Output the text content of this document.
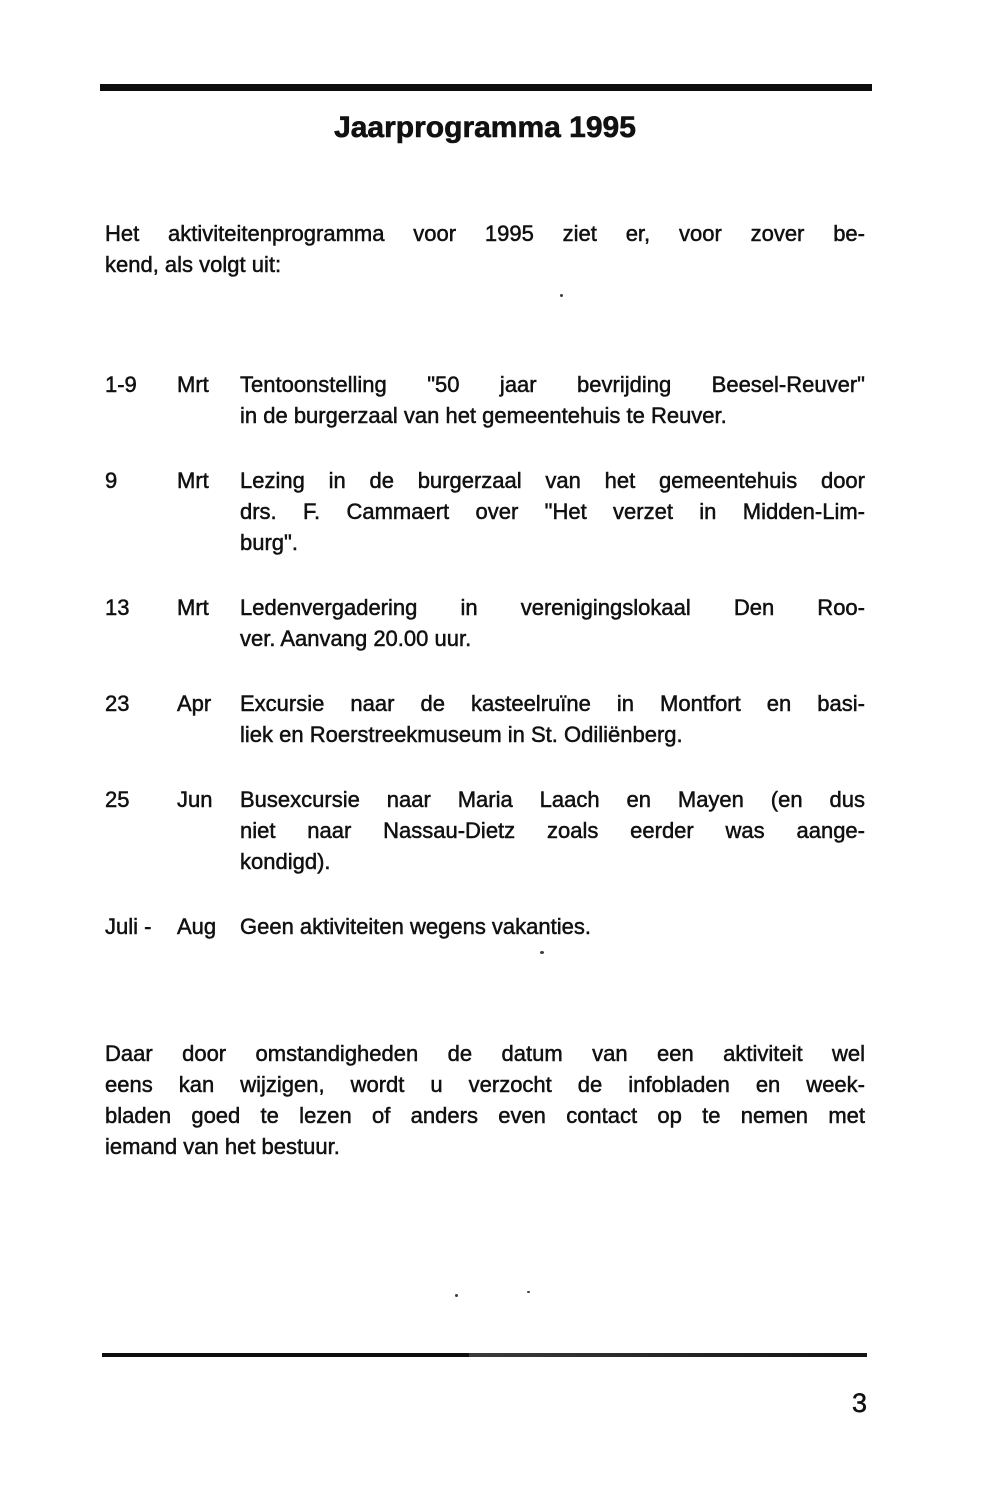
Jaarprogramma 1995
Het aktiviteitenprogramma voor 1995 ziet er, voor zover be-
kend, als volgt uit:
1-9	Mrt	Tentoonstelling "50 jaar bevrijding Beesel-Reuver"
in de burgerzaal van het gemeentehuis te Reuver.
9	Mrt	Lezing in de burgerzaal van het gemeentehuis door
drs. F. Cammaert over "Het verzet in Midden-Lim-
burg".
13	Mrt	Ledenvergadering in verenigingslokaal Den Roo-
ver. Aanvang 20.00 uur.
23	Apr	Excursie naar de kasteelruïne in Montfort en basi-
liek en Roerstreekmuseum in St. Odiliënberg.
25	Jun	Busexcursie naar Maria Laach en Mayen (en dus
niet naar Nassau-Dietz zoals eerder was aange-
kondigd).
Juli -	Aug	Geen aktiviteiten wegens vakanties.
Daar door omstandigheden de datum van een aktiviteit wel
eens kan wijzigen, wordt u verzocht de infobladen en week-
bladen goed te lezen of anders even contact op te nemen met
iemand van het bestuur.
3
